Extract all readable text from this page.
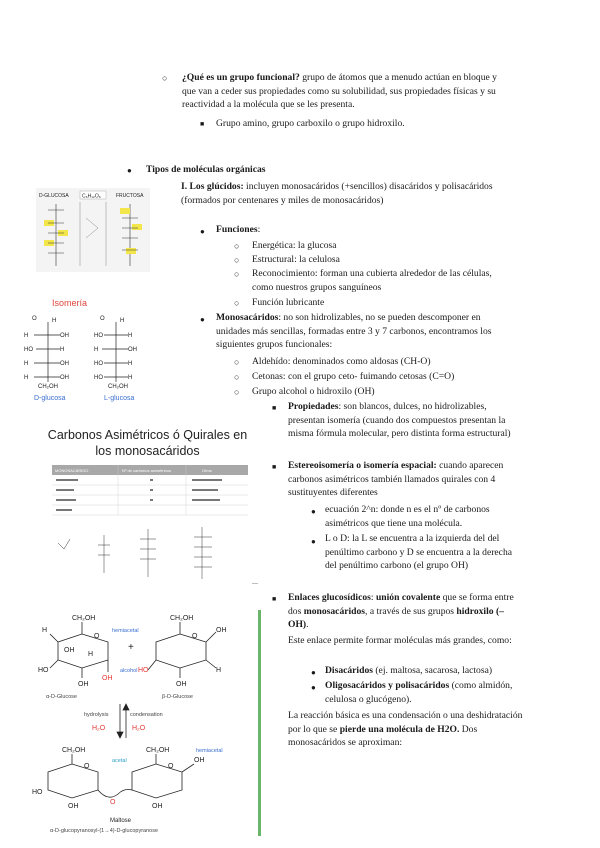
○
¿Qué es un grupo funcional? grupo de átomos que a menudo actúan en bloque y que van a ceder sus propiedades como su solubilidad, sus propiedades físicas y su reactividad a la molécula que se les presenta.
■
Grupo amino, grupo carboxilo o grupo hidroxilo.
●
Tipos de moléculas orgánicas
I. Los glúcidos: incluyen monosacáridos (+sencillos) disacáridos y polisacáridos (formados por centenares y miles de monosacáridos)
●
Funciones:
○
Energética: la glucosa
○
Estructural: la celulosa
○
Reconocimiento: forman una cubierta alrededor de las células, como nuestros grupos sanguíneos
○
Función lubricante
●
Monosacáridos: no son hidrolizables, no se pueden descomponer en unidades más sencillas, formadas entre 3 y 7 carbonos, encontramos los siguientes grupos funcionales:
○
Aldehído: denominados como aldosas (CH-O)
○
Cetonas: con el grupo ceto- fuimando cetosas (C=O)
○
Grupo alcohol o hidroxilo (OH)
■
Propiedades: son blancos, dulces, no hidrolizables, presentan isomería (cuando dos compuestos presentan la misma fórmula molecular, pero distinta forma estructural)
■
Estereoisomería o isomería espacial: cuando aparecen carbonos asimétricos también llamados quirales con 4 sustituyentes diferentes
●
ecuación 2^n: donde n es el nº de carbonos asimétricos que tiene una molécula.
●
L o D: la L se encuentra a la izquierda del del penúltimo carbono y D se encuentra a la derecha del penúltimo carbono (el grupo OH)
■
Enlaces glucosídicos: unión covalente que se forma entre dos monosacáridos, a través de sus grupos hidroxilo (–OH).
Este enlace permite formar moléculas más grandes, como:
●
Disacáridos (ej. maltosa, sacarosa, lactosa)
●
Oligosacáridos y polisacáridos (como almidón, celulosa o glucógeno).
La reacción básica es una condensación o una deshidratación por lo que se pierde una molécula de H2O. Dos monosacáridos se aproximan:
D-GLUCOSA	C₆H₁₂O₆	FRUCTOSA
Isomería
O	H
H	OH
HO	H
H	OH
H	OH
CH₂OH
O	H
HO	H
H	OH
HO	H
HO	H
CH₂OH
D-glucosa	L-glucosa
Carbonos Asimétricos ó Quirales en
los monosacáridos
MONOSACÁRIDO	Nº de carbonos asimétricos	Otros
...
CH₂OH	CH₂OH
O
H
HO
OH
OH
H
OH
hemiacetal
+
O
OH
H
OH
HO
alcohol
α-D-Glucose	β-D-Glucose
hydrolysis	condensation
H₂O	H₂O
CH₂OH	CH₂OH
O
O	O
HO
OH	OH
OH
acetal
hemiacetal
Maltose
α-D-glucopyranosyl-(1→4)-D-glucopyranose
